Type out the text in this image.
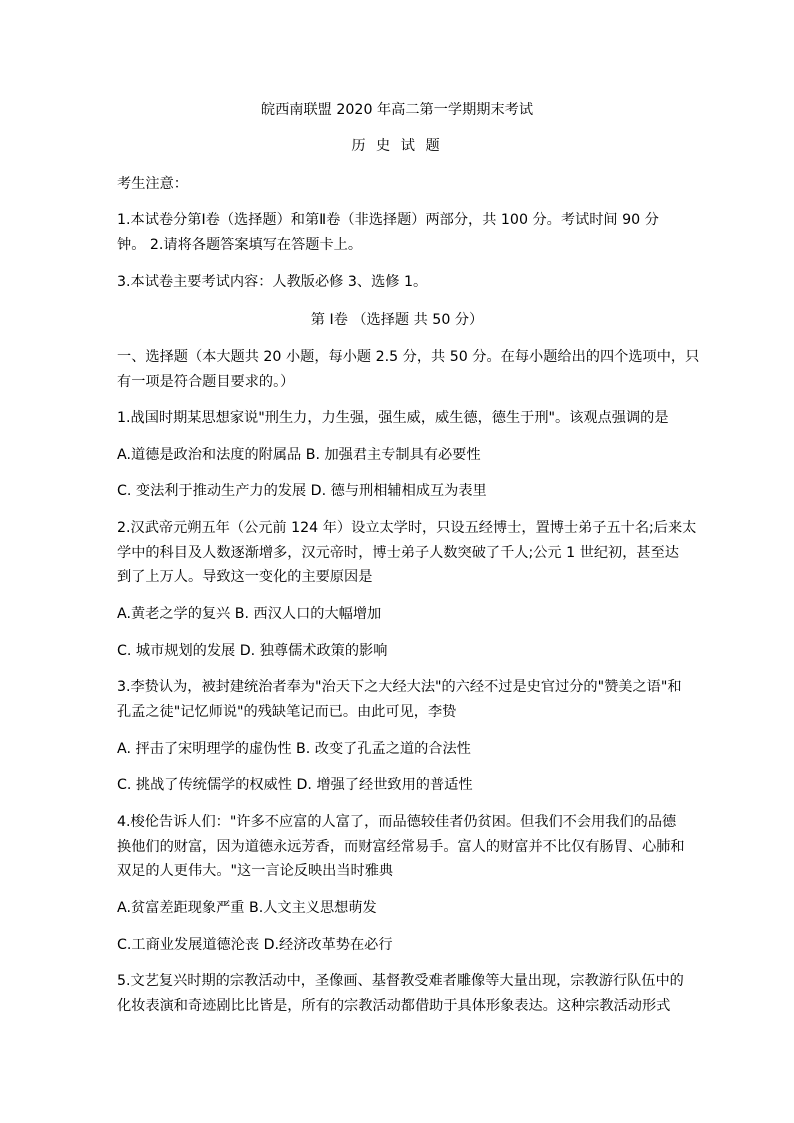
皖西南联盟 2020 年高二第一学期期末考试
历 史 试 题
考生注意：
1.本试卷分第Ⅰ卷（选择题）和第Ⅱ卷（非选择题）两部分，共 100 分。考试时间 90 分
钟。 2.请将各题答案填写在答题卡上。
3.本试卷主要考试内容：人教版必修 3、选修 1。
第 Ⅰ卷 （选择题 共 50 分）
一、选择题（本大题共 20 小题，每小题 2.5 分，共 50 分。在每小题给出的四个选项中，只
有一项是符合题目要求的。）
1.战国时期某思想家说"刑生力，力生强，强生威，威生德，德生于刑"。该观点强调的是
A.道德是政治和法度的附属品 B. 加强君主专制具有必要性
C. 变法利于推动生产力的发展 D. 德与刑相辅相成互为表里
2.汉武帝元朔五年（公元前 124 年）设立太学时，只设五经博士，置博士弟子五十名;后来太
学中的科目及人数逐渐增多，汉元帝时，博士弟子人数突破了千人;公元 1 世纪初，甚至达
到了上万人。导致这一变化的主要原因是
A.黄老之学的复兴 B. 西汉人口的大幅增加
C. 城市规划的发展 D. 独尊儒术政策的影响
3.李贽认为，被封建统治者奉为"治天下之大经大法"的六经不过是史官过分的"赞美之语"和
孔孟之徒"记忆师说"的残缺笔记而已。由此可见，李贽
A. 抨击了宋明理学的虚伪性 B. 改变了孔孟之道的合法性
C. 挑战了传统儒学的权威性 D. 增强了经世致用的普适性
4.梭伦告诉人们："许多不应富的人富了，而品德较佳者仍贫困。但我们不会用我们的品德
换他们的财富，因为道德永远芳香，而财富经常易手。富人的财富并不比仅有肠胃、心肺和
双足的人更伟大。"这一言论反映出当时雅典
A.贫富差距现象严重 B.人文主义思想萌发
C.工商业发展道德沦丧 D.经济改革势在必行
5.文艺复兴时期的宗教活动中，圣像画、基督教受难者雕像等大量出现，宗教游行队伍中的
化妆表演和奇迹剧比比皆是，所有的宗教活动都借助于具体形象表达。这种宗教活动形式
